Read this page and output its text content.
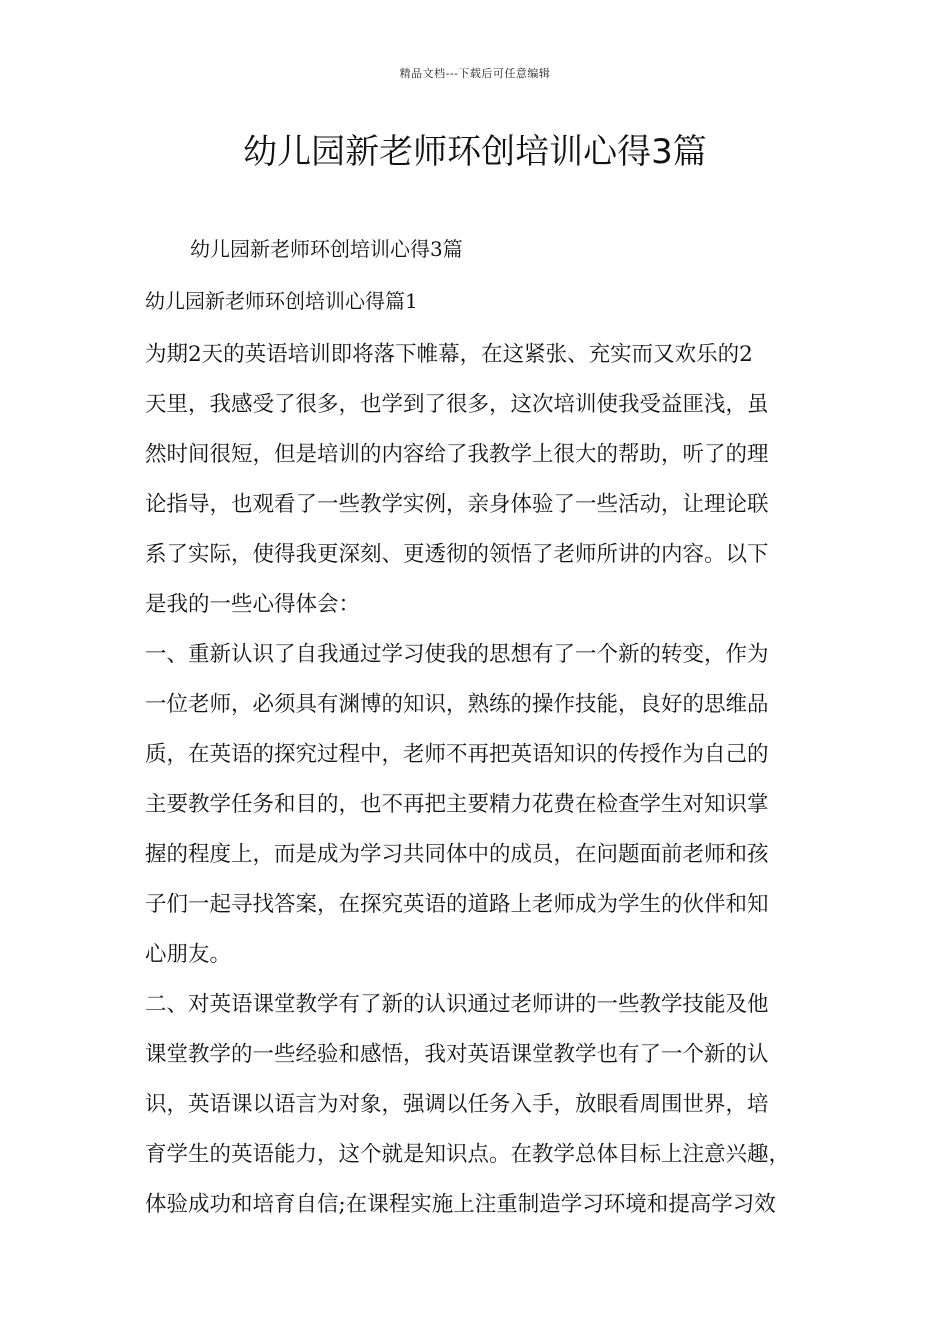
精品文档---下载后可任意编辑
幼儿园新老师环创培训心得3篇

幼儿园新老师环创培训心得3篇

幼儿园新老师环创培训心得篇1

为期2天的英语培训即将落下帷幕，在这紧张、充实而又欢乐的2
天里，我感受了很多，也学到了很多，这次培训使我受益匪浅，虽
然时间很短，但是培训的内容给了我教学上很大的帮助，听了的理
论指导，也观看了一些教学实例，亲身体验了一些活动，让理论联
系了实际，使得我更深刻、更透彻的领悟了老师所讲的内容。以下
是我的一些心得体会：
一、重新认识了自我通过学习使我的思想有了一个新的转变，作为
一位老师，必须具有渊博的知识，熟练的操作技能，良好的思维品
质，在英语的探究过程中，老师不再把英语知识的传授作为自己的
主要教学任务和目的，也不再把主要精力花费在检查学生对知识掌
握的程度上，而是成为学习共同体中的成员，在问题面前老师和孩
子们一起寻找答案，在探究英语的道路上老师成为学生的伙伴和知
心朋友。
二、对英语课堂教学有了新的认识通过老师讲的一些教学技能及他
课堂教学的一些经验和感悟，我对英语课堂教学也有了一个新的认
识，英语课以语言为对象，强调以任务入手，放眼看周围世界，培
育学生的英语能力，这个就是知识点。在教学总体目标上注意兴趣，
体验成功和培育自信;在课程实施上注重制造学习环境和提高学习效
